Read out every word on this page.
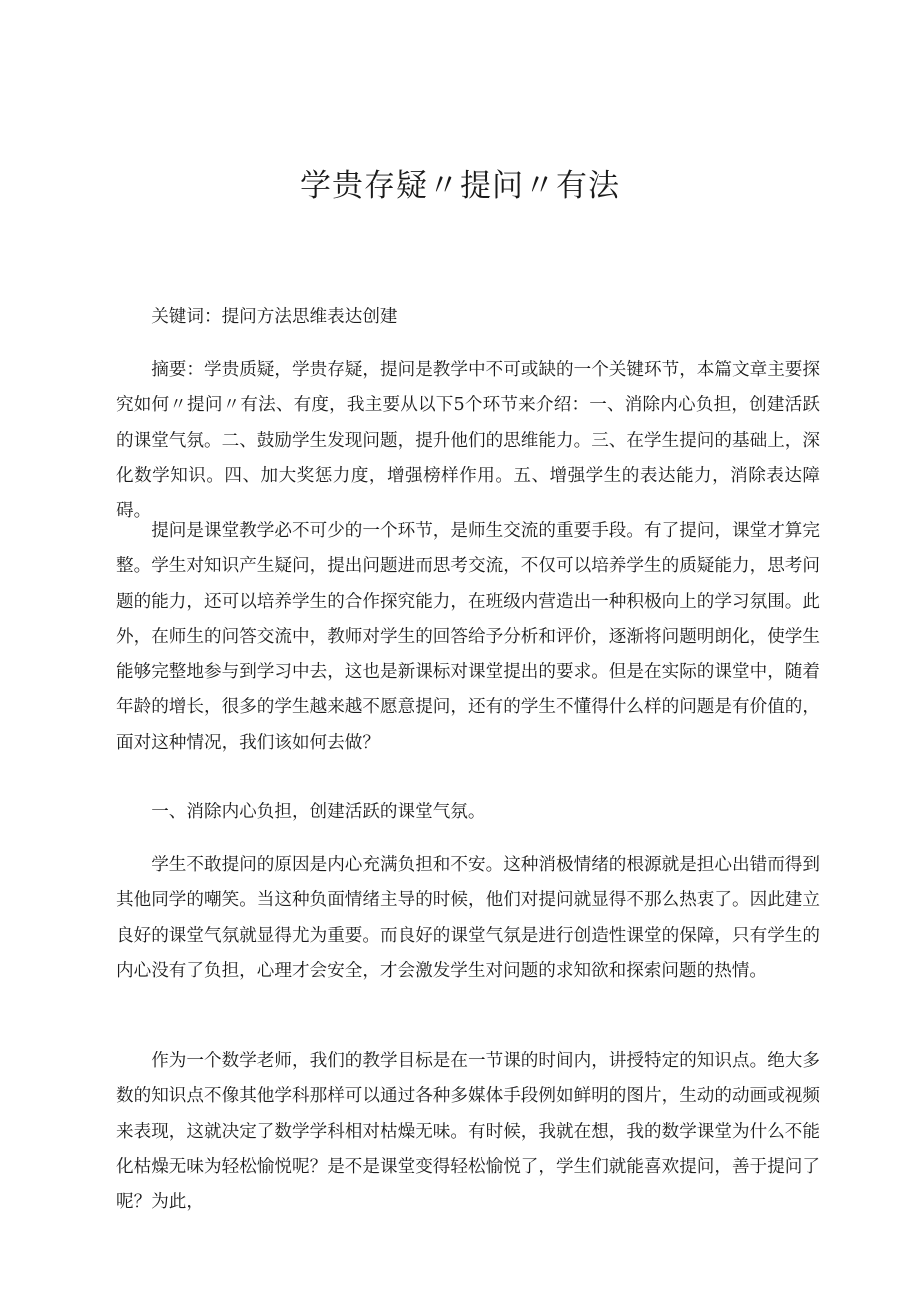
学贵存疑〃提问〃有法

关键词：提问方法思维表达创建

摘要：学贵质疑，学贵存疑，提问是教学中不可或缺的一个关键环节，本篇文章主要探究如何〃提问〃有法、有度，我主要从以下5个环节来介绍：一、消除内心负担，创建活跃的课堂气氛。二、鼓励学生发现问题，提升他们的思维能力。三、在学生提问的基础上，深化数学知识。四、加大奖惩力度，增强榜样作用。五、增强学生的表达能力，消除表达障碍。

提问是课堂教学必不可少的一个环节，是师生交流的重要手段。有了提问，课堂才算完整。学生对知识产生疑问，提出问题进而思考交流，不仅可以培养学生的质疑能力，思考问题的能力，还可以培养学生的合作探究能力，在班级内营造出一种积极向上的学习氛围。此外，在师生的问答交流中，教师对学生的回答给予分析和评价，逐渐将问题明朗化，使学生能够完整地参与到学习中去，这也是新课标对课堂提出的要求。但是在实际的课堂中，随着年龄的增长，很多的学生越来越不愿意提问，还有的学生不懂得什么样的问题是有价值的，面对这种情况，我们该如何去做？

一、消除内心负担，创建活跃的课堂气氛。

学生不敢提问的原因是内心充满负担和不安。这种消极情绪的根源就是担心出错而得到其他同学的嘲笑。当这种负面情绪主导的时候，他们对提问就显得不那么热衷了。因此建立良好的课堂气氛就显得尤为重要。而良好的课堂气氛是进行创造性课堂的保障，只有学生的内心没有了负担，心理才会安全，才会激发学生对问题的求知欲和探索问题的热情。

作为一个数学老师，我们的教学目标是在一节课的时间内，讲授特定的知识点。绝大多数的知识点不像其他学科那样可以通过各种多媒体手段例如鲜明的图片，生动的动画或视频来表现，这就决定了数学学科相对枯燥无味。有时候，我就在想，我的数学课堂为什么不能化枯燥无味为轻松愉悦呢？是不是课堂变得轻松愉悦了，学生们就能喜欢提问，善于提问了呢？为此，
